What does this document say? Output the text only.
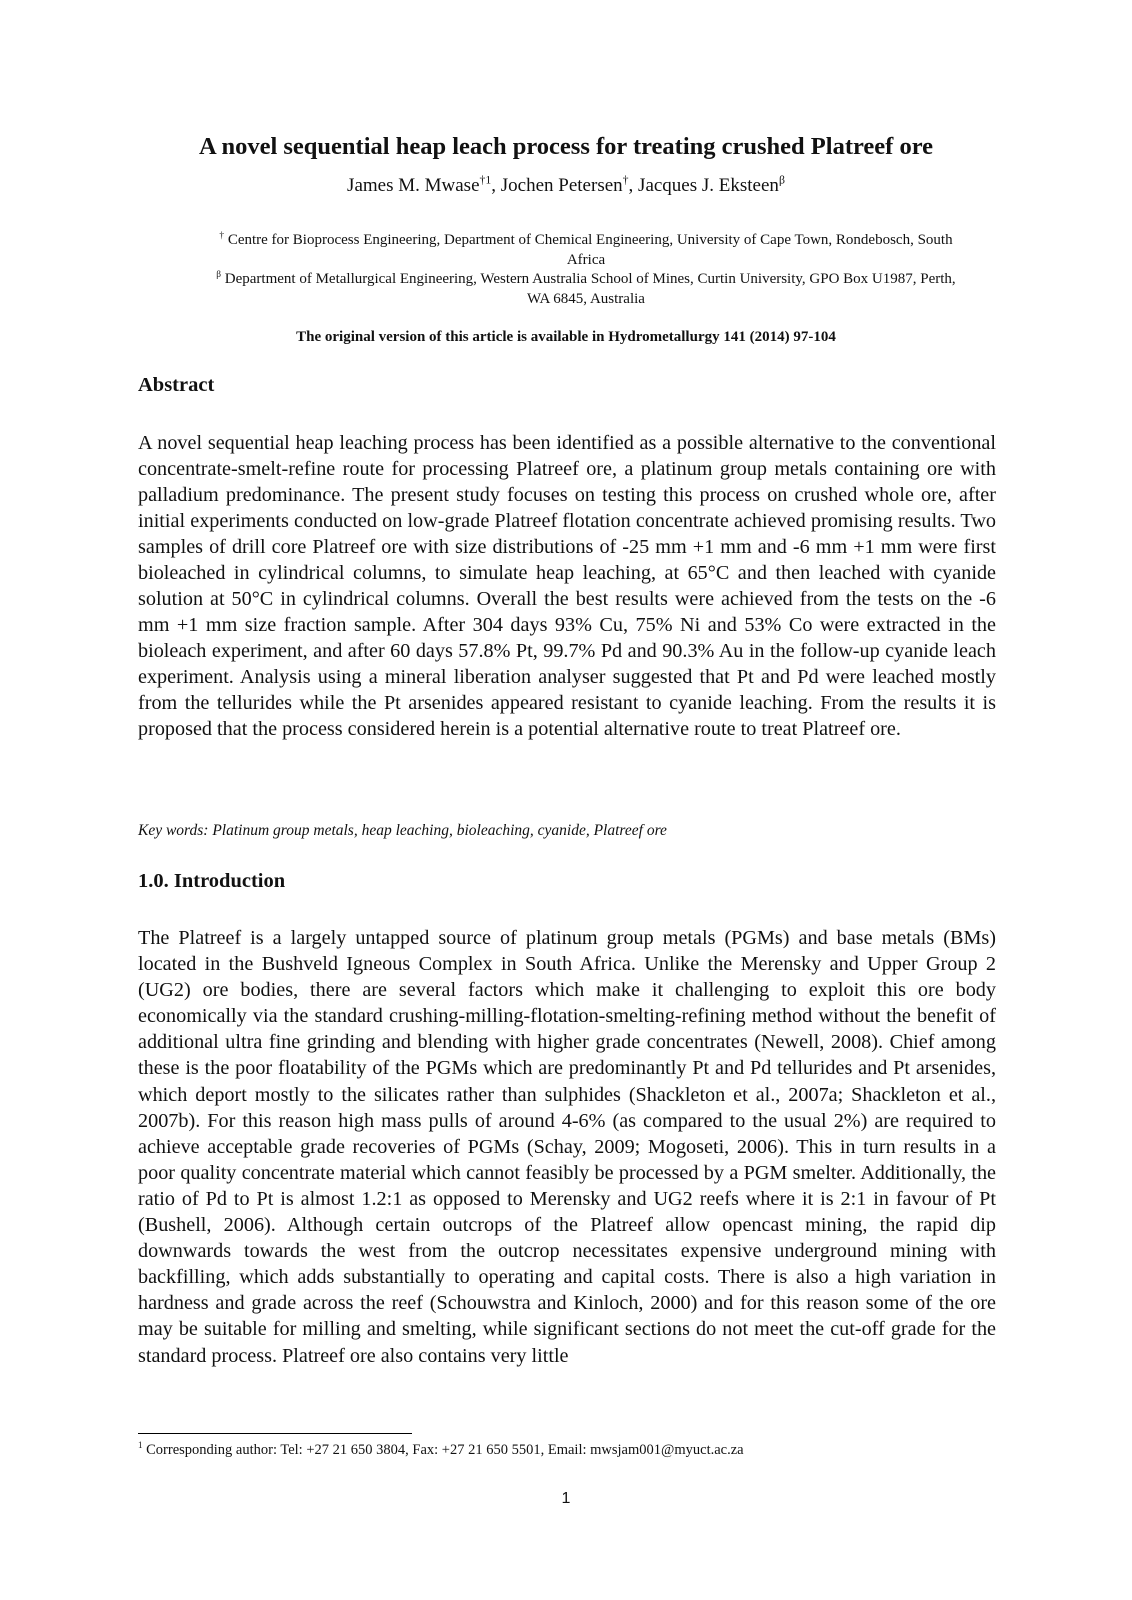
A novel sequential heap leach process for treating crushed Platreef ore
James M. Mwase$^{\dagger 1}$, Jochen Petersen†, Jacques J. Eksteen$^\beta$
† Centre for Bioprocess Engineering, Department of Chemical Engineering, University of Cape Town, Rondebosch, South Africa
$^\beta$ Department of Metallurgical Engineering, Western Australia School of Mines, Curtin University, GPO Box U1987, Perth, WA 6845, Australia
The original version of this article is available in Hydrometallurgy 141 (2014) 97-104
Abstract
A novel sequential heap leaching process has been identified as a possible alternative to the conventional concentrate-smelt-refine route for processing Platreef ore, a platinum group metals containing ore with palladium predominance. The present study focuses on testing this process on crushed whole ore, after initial experiments conducted on low-grade Platreef flotation concentrate achieved promising results. Two samples of drill core Platreef ore with size distributions of -25 mm +1 mm and -6 mm +1 mm were first bioleached in cylindrical columns, to simulate heap leaching, at 65°C and then leached with cyanide solution at 50°C in cylindrical columns. Overall the best results were achieved from the tests on the -6 mm +1 mm size fraction sample. After 304 days 93% Cu, 75% Ni and 53% Co were extracted in the bioleach experiment, and after 60 days 57.8% Pt, 99.7% Pd and 90.3% Au in the follow-up cyanide leach experiment. Analysis using a mineral liberation analyser suggested that Pt and Pd were leached mostly from the tellurides while the Pt arsenides appeared resistant to cyanide leaching. From the results it is proposed that the process considered herein is a potential alternative route to treat Platreef ore.
Key words: Platinum group metals, heap leaching, bioleaching, cyanide, Platreef ore
1.0. Introduction
The Platreef is a largely untapped source of platinum group metals (PGMs) and base metals (BMs) located in the Bushveld Igneous Complex in South Africa. Unlike the Merensky and Upper Group 2 (UG2) ore bodies, there are several factors which make it challenging to exploit this ore body economically via the standard crushing-milling-flotation-smelting-refining method without the benefit of additional ultra fine grinding and blending with higher grade concentrates (Newell, 2008). Chief among these is the poor floatability of the PGMs which are predominantly Pt and Pd tellurides and Pt arsenides, which deport mostly to the silicates rather than sulphides (Shackleton et al., 2007a; Shackleton et al., 2007b). For this reason high mass pulls of around 4-6% (as compared to the usual 2%) are required to achieve acceptable grade recoveries of PGMs (Schay, 2009; Mogoseti, 2006). This in turn results in a poor quality concentrate material which cannot feasibly be processed by a PGM smelter. Additionally, the ratio of Pd to Pt is almost 1.2:1 as opposed to Merensky and UG2 reefs where it is 2:1 in favour of Pt (Bushell, 2006). Although certain outcrops of the Platreef allow opencast mining, the rapid dip downwards towards the west from the outcrop necessitates expensive underground mining with backfilling, which adds substantially to operating and capital costs. There is also a high variation in hardness and grade across the reef (Schouwstra and Kinloch, 2000) and for this reason some of the ore may be suitable for milling and smelting, while significant sections do not meet the cut-off grade for the standard process. Platreef ore also contains very little
$^1$ Corresponding author: Tel: +27 21 650 3804, Fax: +27 21 650 5501, Email: mwsjam001@myuct.ac.za
1
